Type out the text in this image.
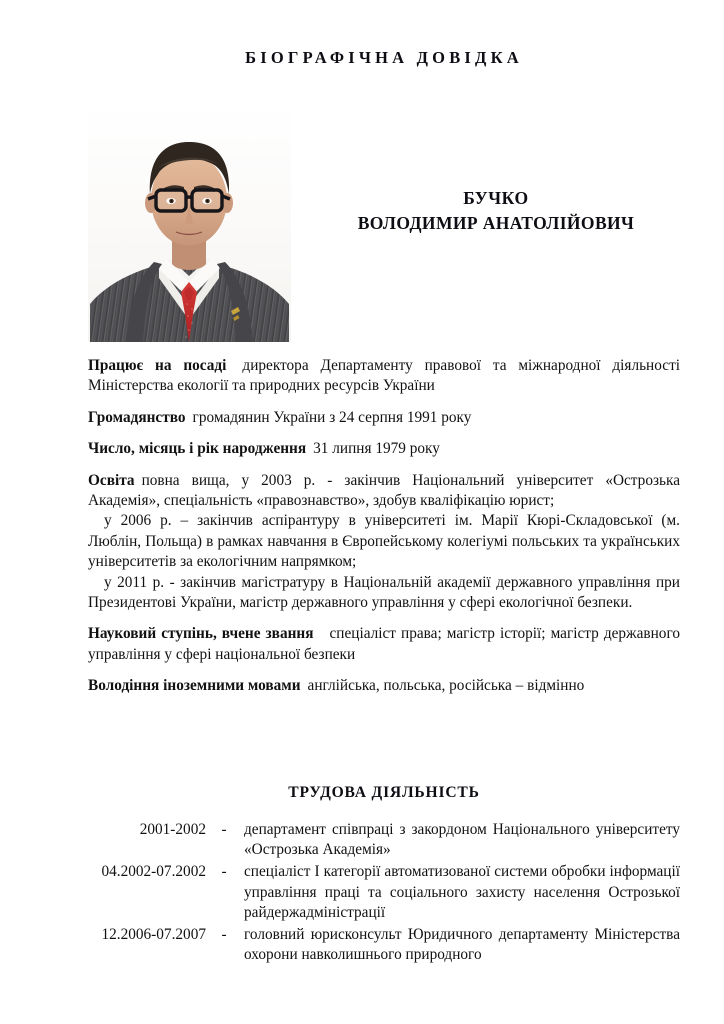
БІОГРАФІЧНА ДОВІДКА
БУЧКО
ВОЛОДИМИР АНАТОЛІЙОВИЧ

Працює на посаді директора Департаменту правової та міжнародної діяльності Міністерства екології та природних ресурсів України

Громадянство громадянин України з 24 серпня 1991 року

Число, місяць і рік народження 31 липня 1979 року

Освіта повна вища, у 2003 р. - закінчив Національний університет «Острозька Академія», спеціальність «правознавство», здобув кваліфікацію юрист;

у 2006 р. – закінчив аспірантуру в університеті ім. Марії Кюрі-Складовської (м. Люблін, Польща) в рамках навчання в Європейському колегіумі польських та українських університетів за екологічним напрямком;

у 2011 р. - закінчив магістратуру в Національній академії державного управління при Президентові України, магістр державного управління у сфері екологічної безпеки.

Науковий ступінь, вчене звання спеціаліст права; магістр історії; магістр державного управління у сфері національної безпеки

Володіння іноземними мовами англійська, польська, російська – відмінно

ТРУДОВА ДІЯЛЬНІСТЬ
2001-2002	-	департамент співпраці з закордоном Національного університету «Острозька Академія»
04.2002-07.2002	-	спеціаліст І категорії автоматизованої системи обробки інформації управління праці та соціального захисту населення Острозької райдержадміністрації
12.2006-07.2007	-	головний юрисконсульт Юридичного департаменту Міністерства охорони навколишнього природного
